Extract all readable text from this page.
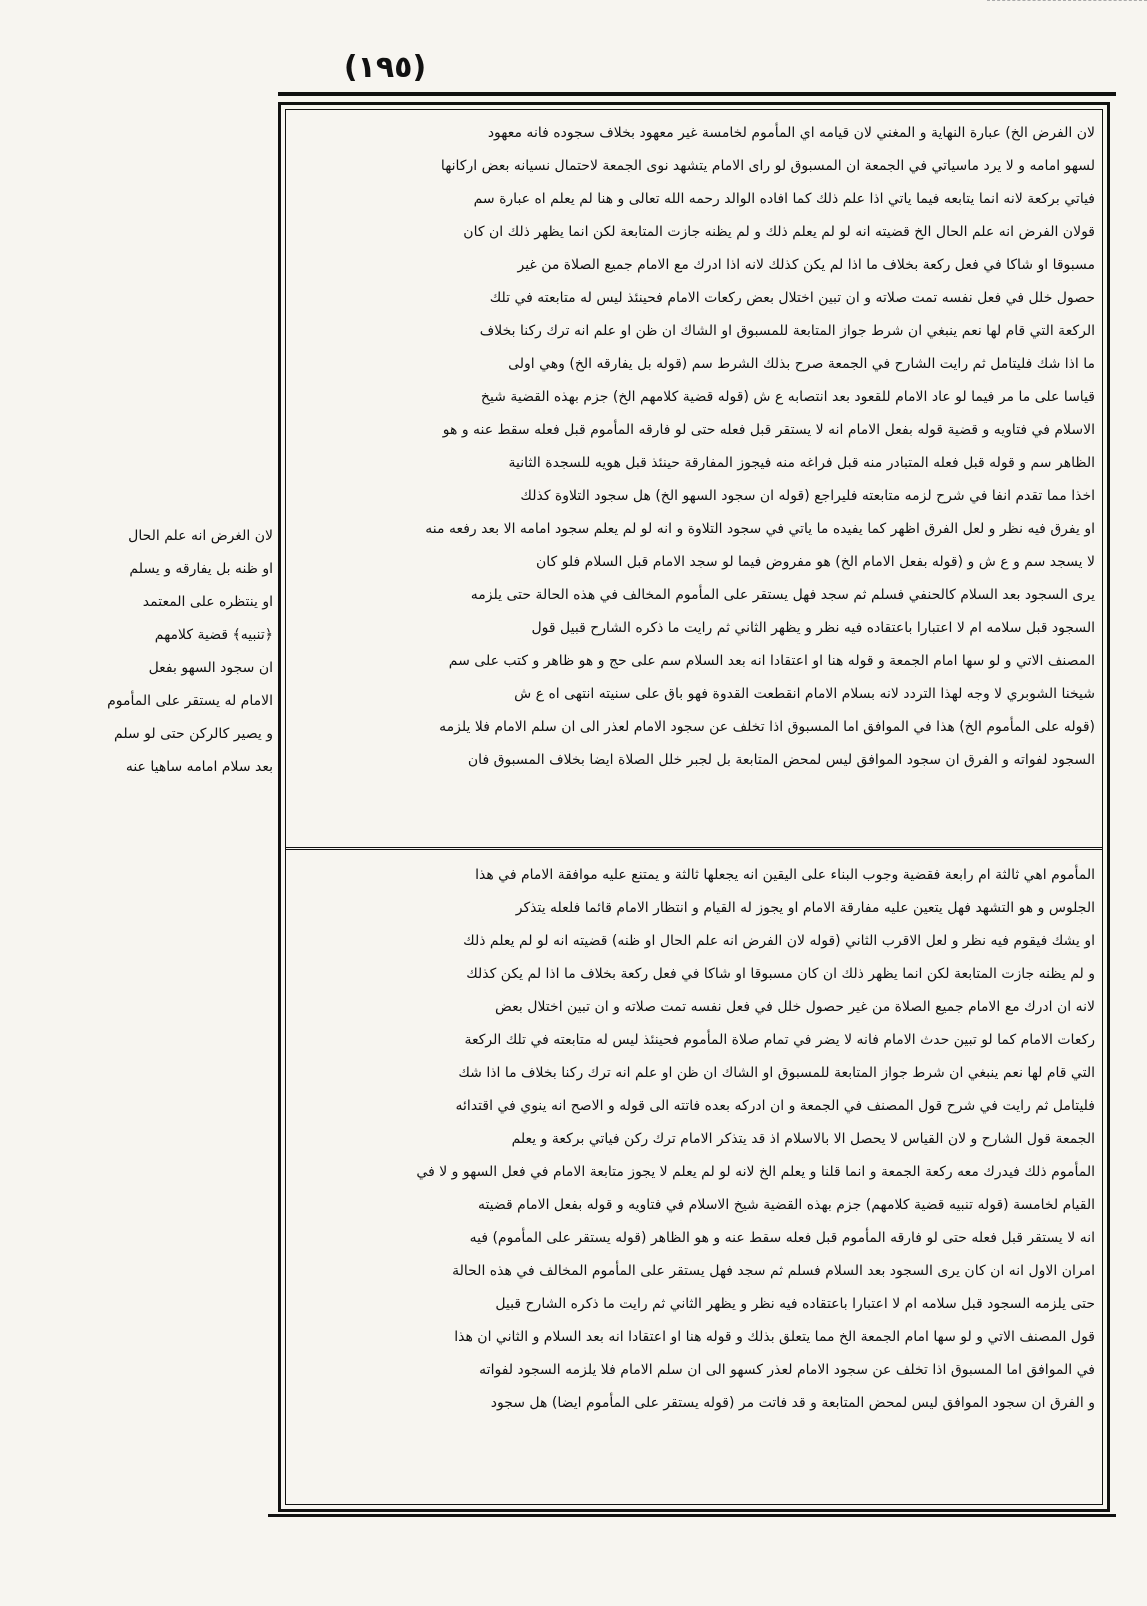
(١٩٥)

لان الفرض الخ) عبارة النهاية و المغني لان قيامه اي المأموم لخامسة غير معهود بخلاف سجوده فانه معهود

لسهو امامه و لا يرد ماسياتي في الجمعة ان المسبوق لو راى الامام يتشهد نوى الجمعة لاحتمال نسيانه بعض اركانها

فياتي بركعة لانه انما يتابعه فيما ياتي اذا علم ذلك كما افاده الوالد رحمه الله تعالى و هنا لم يعلم اه عبارة سم

قولان الفرض انه علم الحال الخ قضيته انه لو لم يعلم ذلك و لم يظنه جازت المتابعة لكن انما يظهر ذلك ان كان

مسبوقا او شاكا في فعل ركعة بخلاف ما اذا لم يكن كذلك لانه اذا ادرك مع الامام جميع الصلاة من غير

حصول خلل في فعل نفسه تمت صلاته و ان تبين اختلال بعض ركعات الامام فحينئذ ليس له متابعته في تلك

الركعة التي قام لها نعم ينبغي ان شرط جواز المتابعة للمسبوق او الشاك ان ظن او علم انه ترك ركنا بخلاف

ما اذا شك فليتامل ثم رايت الشارح في الجمعة صرح بذلك الشرط سم (قوله بل يفارقه الخ) وهي اولى

قياسا على ما مر فيما لو عاد الامام للقعود بعد انتصابه ع ش (قوله قضية كلامهم الخ) جزم بهذه القضية شيخ

الاسلام في فتاويه و قضية قوله بفعل الامام انه لا يستقر قبل فعله حتى لو فارقه المأموم قبل فعله سقط عنه و هو

الظاهر سم و قوله قبل فعله المتبادر منه قبل فراغه منه فيجوز المفارقة حينئذ قبل هويه للسجدة الثانية

اخذا مما تقدم انفا في شرح لزمه متابعته فليراجع (قوله ان سجود السهو الخ) هل سجود التلاوة كذلك

او يفرق فيه نظر و لعل الفرق اظهر كما يفيده ما ياتي في سجود التلاوة و انه لو لم يعلم سجود امامه الا بعد رفعه منه

لا يسجد سم و ع ش و (قوله بفعل الامام الخ) هو مفروض فيما لو سجد الامام قبل السلام فلو كان

يرى السجود بعد السلام كالحنفي فسلم ثم سجد فهل يستقر على المأموم المخالف في هذه الحالة حتى يلزمه

السجود قبل سلامه ام لا اعتبارا باعتقاده فيه نظر و يظهر الثاني ثم رايت ما ذكره الشارح قبيل قول

المصنف الاتي و لو سها امام الجمعة و قوله هنا او اعتقادا انه بعد السلام سم على حج و هو ظاهر و كتب على سم

شيخنا الشوبري لا وجه لهذا التردد لانه بسلام الامام انقطعت القدوة فهو باق على سنيته انتهى اه ع ش

(قوله على المأموم الخ) هذا في الموافق اما المسبوق اذا تخلف عن سجود الامام لعذر الى ان سلم الامام فلا يلزمه

السجود لفواته و الفرق ان سجود الموافق ليس لمحض المتابعة بل لجبر خلل الصلاة ايضا بخلاف المسبوق فان

المأموم اهي ثالثة ام رابعة فقضية وجوب البناء على اليقين انه يجعلها ثالثة و يمتنع عليه موافقة الامام في هذا

الجلوس و هو التشهد فهل يتعين عليه مفارقة الامام او يجوز له القيام و انتظار الامام قائما فلعله يتذكر

او يشك فيقوم فيه نظر و لعل الاقرب الثاني (قوله لان الفرض انه علم الحال او ظنه) قضيته انه لو لم يعلم ذلك

و لم يظنه جازت المتابعة لكن انما يظهر ذلك ان كان مسبوقا او شاكا في فعل ركعة بخلاف ما اذا لم يكن كذلك

لانه ان ادرك مع الامام جميع الصلاة من غير حصول خلل في فعل نفسه تمت صلاته و ان تبين اختلال بعض

ركعات الامام كما لو تبين حدث الامام فانه لا يضر في تمام صلاة المأموم فحينئذ ليس له متابعته في تلك الركعة

التي قام لها نعم ينبغي ان شرط جواز المتابعة للمسبوق او الشاك ان ظن او علم انه ترك ركنا بخلاف ما اذا شك

فليتامل ثم رايت في شرح قول المصنف في الجمعة و ان ادركه بعده فاتته الى قوله و الاصح انه ينوي في اقتدائه

الجمعة قول الشارح و لان القياس لا يحصل الا بالاسلام اذ قد يتذكر الامام ترك ركن فياتي بركعة و يعلم

المأموم ذلك فيدرك معه ركعة الجمعة و انما قلنا و يعلم الخ لانه لو لم يعلم لا يجوز متابعة الامام في فعل السهو و لا في

القيام لخامسة (قوله تنبيه قضية كلامهم) جزم بهذه القضية شيخ الاسلام في فتاويه و قوله بفعل الامام قضيته

انه لا يستقر قبل فعله حتى لو فارقه المأموم قبل فعله سقط عنه و هو الظاهر (قوله يستقر على المأموم) فيه

امران الاول انه ان كان يرى السجود بعد السلام فسلم ثم سجد فهل يستقر على المأموم المخالف في هذه الحالة

حتى يلزمه السجود قبل سلامه ام لا اعتبارا باعتقاده فيه نظر و يظهر الثاني ثم رايت ما ذكره الشارح قبيل

قول المصنف الاتي و لو سها امام الجمعة الخ مما يتعلق بذلك و قوله هنا او اعتقادا انه بعد السلام و الثاني ان هذا

في الموافق اما المسبوق اذا تخلف عن سجود الامام لعذر كسهو الى ان سلم الامام فلا يلزمه السجود لفواته

و الفرق ان سجود الموافق ليس لمحض المتابعة و قد فاتت مر (قوله يستقر على المأموم ايضا) هل سجود

لان الغرض انه علم الحال

او ظنه بل يفارقه و يسلم

او ينتظره على المعتمد

﴿تنبيه﴾ قضية كلامهم

ان سجود السهو بفعل

الامام له يستقر على المأموم

و يصير كالركن حتى لو سلم

بعد سلام امامه ساهيا عنه
